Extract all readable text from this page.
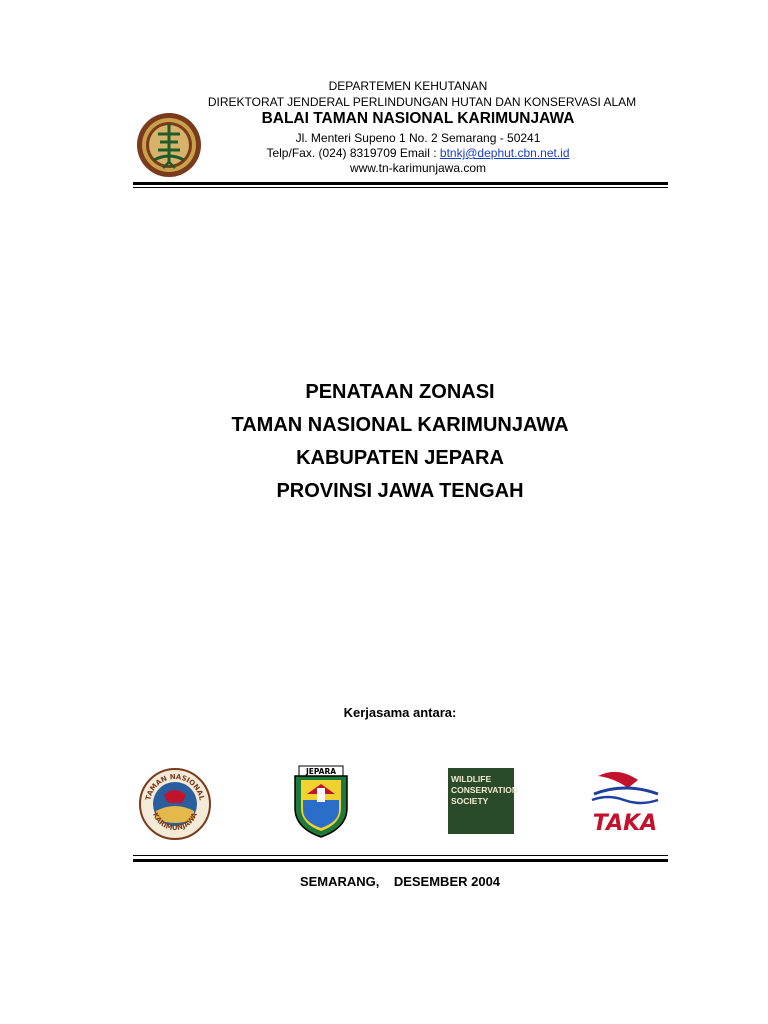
DEPARTEMEN KEHUTANAN
DIREKTORAT JENDERAL PERLINDUNGAN HUTAN DAN KONSERVASI ALAM
BALAI TAMAN NASIONAL KARIMUNJAWA
Jl. Menteri Supeno 1 No. 2 Semarang - 50241
Telp/Fax. (024) 8319709 Email : btnkj@dephut.cbn.net.id
www.tn-karimunjawa.com
PENATAAN ZONASI
TAMAN NASIONAL KARIMUNJAWA
KABUPATEN JEPARA
PROVINSI JAWA TENGAH
Kerjasama antara:
TAMAN NASIONAL
KARIMUNJAWA
JEPARA
WILDLIFE
CONSERVATION
SOCIETY
TAKA
SEMARANG,    DESEMBER 2004
